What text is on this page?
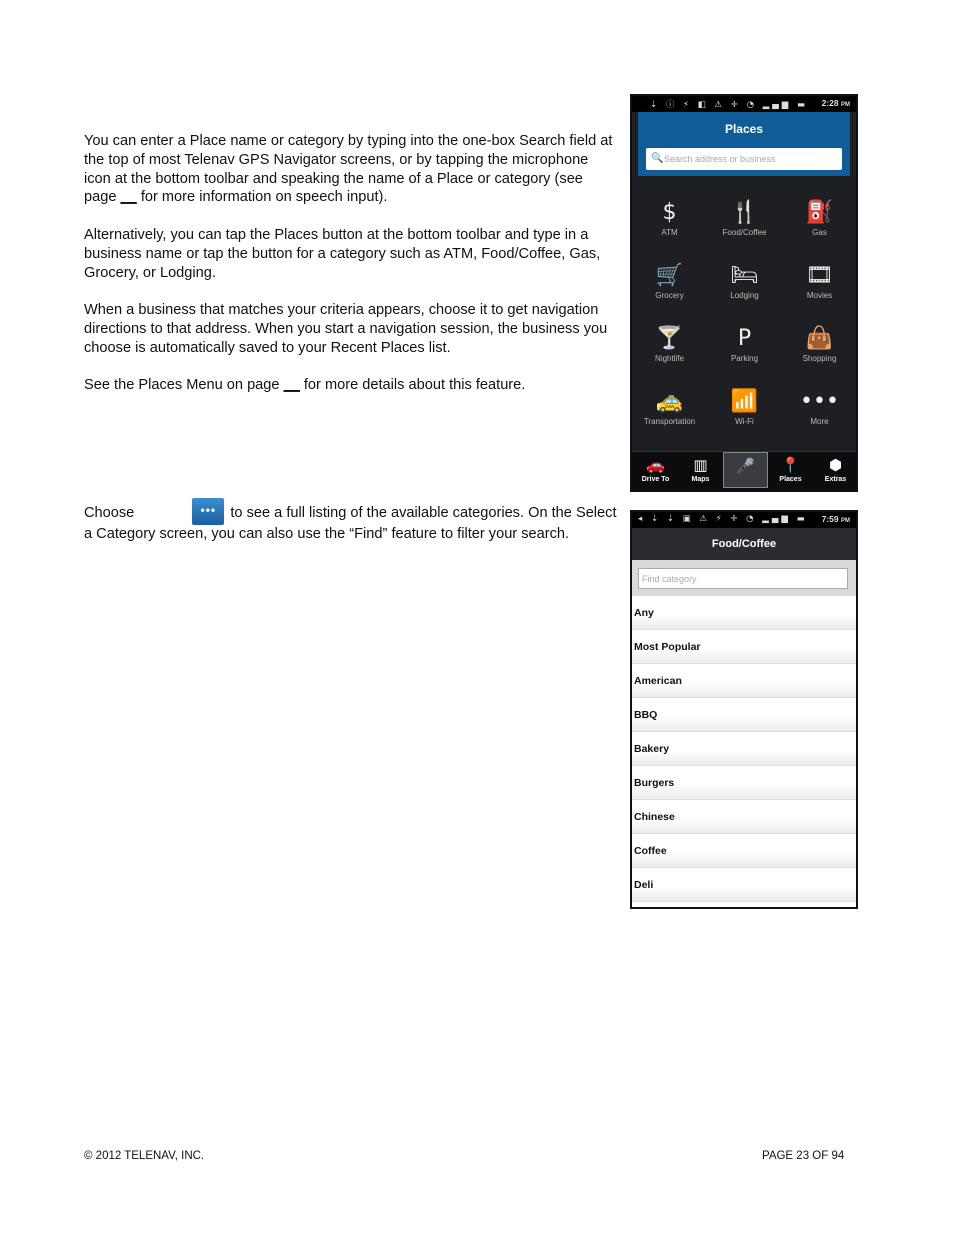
You can enter a Place name or category by typing into the one-box Search field at the top of most Telenav GPS Navigator screens, or by tapping the microphone icon at the bottom toolbar and speaking the name of a Place or category (see page __ for more information on speech input).

Alternatively, you can tap the Places button at the bottom toolbar and type in a business name or tap the button for a category such as ATM, Food/Coffee, Gas, Grocery, or Lodging.

When a business that matches your criteria appears, choose it to get navigation directions to that address. When you start a navigation session, the business you choose is automatically saved to your Recent Places list.

See the Places Menu on page __ for more details about this feature.

Choose	••• to see a full listing of the available categories. On the Select a Category screen, you can also use the “Find” feature to filter your search.

⇣ ⓘ ⚡ ◧ ⚠ ✛ ◔ ▂▄▆ ▬ 2:28 PM
Places
🔍 Search address or business
$
ATM
🍴
Food/Coffee
⛽
Gas
🛒
Grocery
🛏
Lodging
🎞
Movies
🍸
Nightlife
P
Parking
👜
Shopping
🚕
Transportation
📶
Wi-Fi
•••
More
🚗
Drive To
▥
Maps
🎤	📍
Places
⬢
Extras
◂ ⇣ ⇣ ▣ ⚠ ⚡ ✛ ◔ ▂▄▆ ▬ 7:59 PM
Food/Coffee
Find category
Any
Most Popular
American
BBQ
Bakery
Burgers
Chinese
Coffee
Deli
© 2012 TELENAV, INC.	PAGE 23 OF 94
